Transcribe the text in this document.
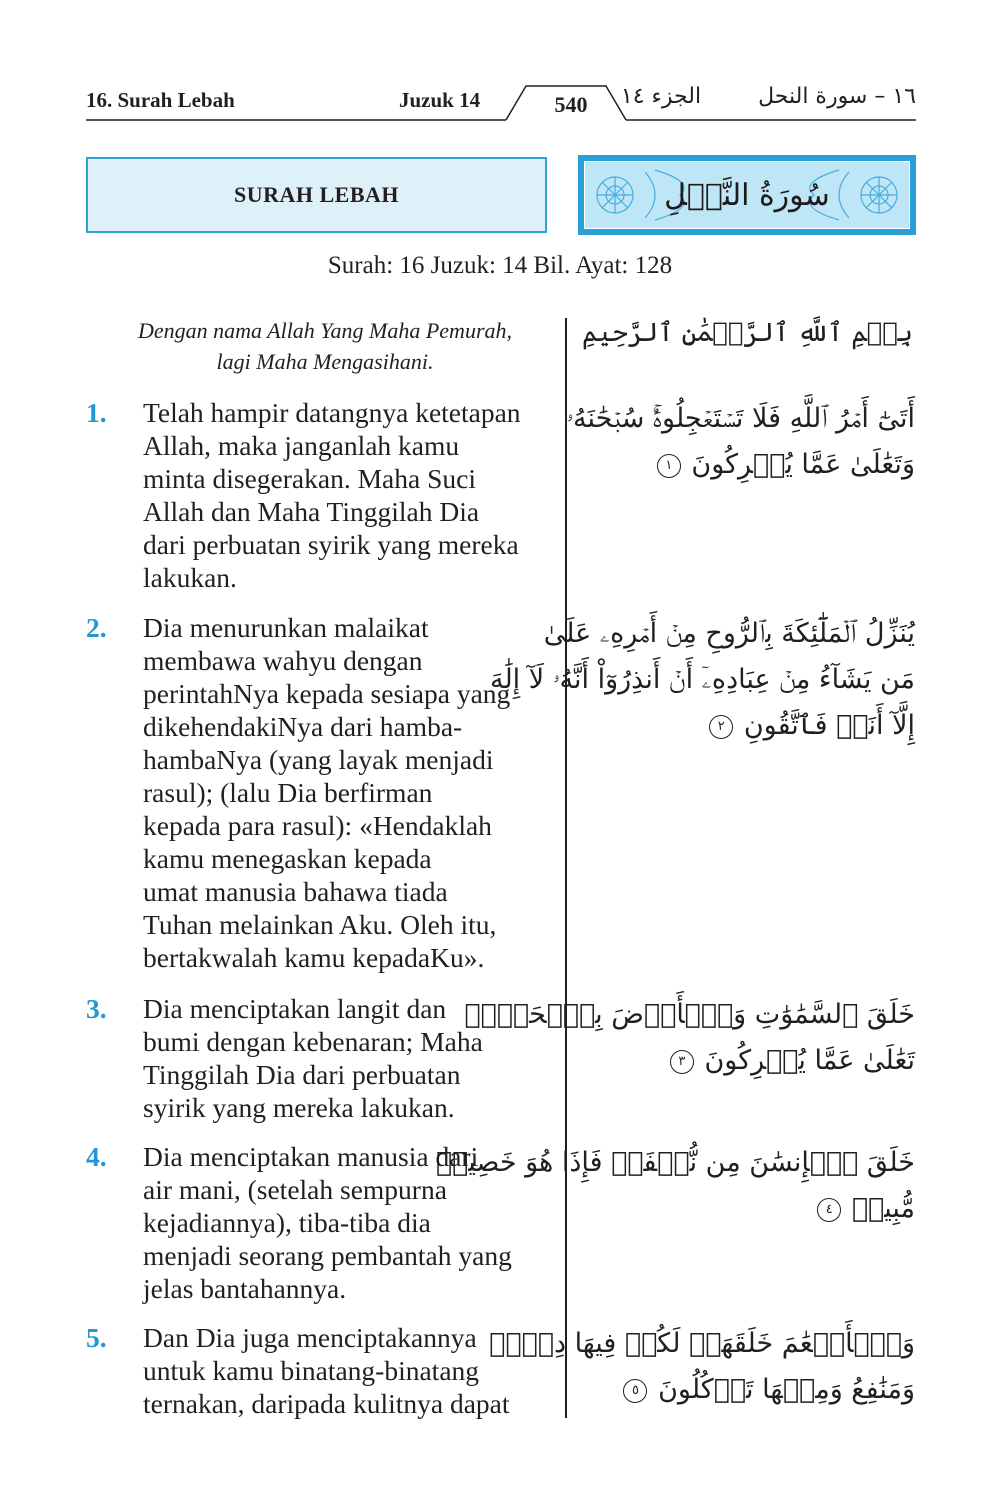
16. Surah Lebah	Juzuk 14	540	الجزء ١٤	١٦ – سورة النحل
SURAH LEBAH	سُورَةُ النَّحۡلِ
Surah: 16 Juzuk: 14 Bil. Ayat: 128
Dengan nama Allah Yang Maha Pemurah,
lagi Maha Mengasihani.
بِسۡمِ ٱللَّهِ ٱلرَّحۡمَٰنِ ٱلرَّحِيمِ
1. Telah hampir datangnya ketetapan
Allah, maka janganlah kamu
minta disegerakan. Maha Suci
Allah dan Maha Tinggilah Dia
dari perbuatan syirik yang mereka
lakukan.
أَتَىٰٓ أَمۡرُ ٱللَّهِ فَلَا تَسۡتَعۡجِلُوهُۚ سُبۡحَٰنَهُۥ
وَتَعَٰلَىٰ عَمَّا يُشۡرِكُونَ ١
2. Dia menurunkan malaikat
membawa wahyu dengan
perintahNya kepada sesiapa yang
dikehendakiNya dari hamba-
hambaNya (yang layak menjadi
rasul); (lalu Dia berfirman
kepada para rasul): «Hendaklah
kamu menegaskan kepada
umat manusia bahawa tiada
Tuhan melainkan Aku. Oleh itu,
bertakwalah kamu kepadaKu».
يُنَزِّلُ ٱلۡمَلَٰٓئِكَةَ بِٱلرُّوحِ مِنۡ أَمۡرِهِۦ عَلَىٰ
مَن يَشَآءُ مِنۡ عِبَادِهِۦٓ أَنۡ أَنذِرُوٓاْ أَنَّهُۥ لَآ إِلَٰهَ
إِلَّآ أَنَا۠ فَٱتَّقُونِ ٢
3. Dia menciptakan langit dan
bumi dengan kebenaran; Maha
Tinggilah Dia dari perbuatan
syirik yang mereka lakukan.
خَلَقَ ٱلسَّمَٰوَٰتِ وَٱلۡأَرۡضَ بِٱلۡحَقِّۚ
تَعَٰلَىٰ عَمَّا يُشۡرِكُونَ ٣
4. Dia menciptakan manusia dari
air mani, (setelah sempurna
kejadiannya), tiba-tiba dia
menjadi seorang pembantah yang
jelas bantahannya.
خَلَقَ ٱلۡإِنسَٰنَ مِن نُّطۡفَةٖ فَإِذَا هُوَ خَصِيمٞ
مُّبِينٞ ٤
5. Dan Dia juga menciptakannya
untuk kamu binatang-binatang
ternakan, daripada kulitnya dapat
وَٱلۡأَنۡعَٰمَ خَلَقَهَاۖ لَكُمۡ فِيهَا دِفۡءٞ
وَمَنَٰفِعُ وَمِنۡهَا تَأۡكُلُونَ ٥
